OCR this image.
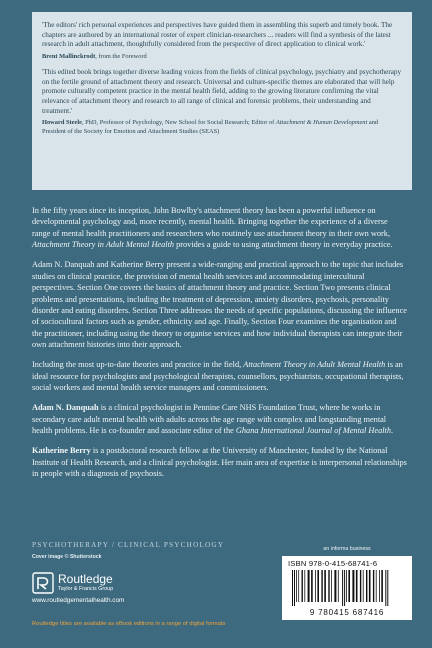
'The editors' rich personal experiences and perspectives have guided them in assembling this superb and timely book. The chapters are authored by an international roster of expert clinician-researchers ... readers will find a synthesis of the latest research in adult attachment, thoughtfully considered from the perspective of direct application to clinical work.'

Brent Mallinckrodt, from the Foreword

'This edited book brings together diverse leading voices from the fields of clinical psychology, psychiatry and psychotherapy on the fertile ground of attachment theory and research. Universal and culture-specific themes are elaborated that will help promote culturally competent practice in the mental health field, adding to the growing literature confirming the vital relevance of attachment theory and research to all range of clinical and forensic problems, their understanding and treatment.'

Howard Steele, PhD, Professor of Psychology, New School for Social Research; Editor of Attachment & Human Development and President of the Society for Emotion and Attachment Studies (SEAS)

In the fifty years since its inception, John Bowlby's attachment theory has been a powerful influence on developmental psychology and, more recently, mental health. Bringing together the experience of a diverse range of mental health practitioners and researchers who routinely use attachment theory in their own work, Attachment Theory in Adult Mental Health provides a guide to using attachment theory in everyday practice.

Adam N. Danquah and Katherine Berry present a wide-ranging and practical approach to the topic that includes studies on clinical practice, the provision of mental health services and accommodating intercultural perspectives. Section One covers the basics of attachment theory and practice. Section Two presents clinical problems and presentations, including the treatment of depression, anxiety disorders, psychosis, personality disorder and eating disorders. Section Three addresses the needs of specific populations, discussing the influence of sociocultural factors such as gender, ethnicity and age. Finally, Section Four examines the organisation and the practitioner, including using the theory to organise services and how individual therapists can integrate their own attachment histories into their approach.

Including the most up-to-date theories and practice in the field, Attachment Theory in Adult Mental Health is an ideal resource for psychologists and psychological therapists, counsellors, psychiatrists, occupational therapists, social workers and mental health service managers and commissioners.

Adam N. Danquah is a clinical psychologist in Pennine Care NHS Foundation Trust, where he works in secondary care adult mental health with adults across the age range with complex and longstanding mental health problems. He is co-founder and associate editor of the Ghana International Journal of Mental Health.

Katherine Berry is a postdoctoral research fellow at the University of Manchester, funded by the National Institute of Health Research, and a clinical psychologist. Her main area of expertise is interpersonal relationships in people with a diagnosis of psychosis.

PSYCHOTHERAPY / CLINICAL PSYCHOLOGY
Cover image © Shutterstock
Routledge
Taylor & Francis Group
www.routledgementalhealth.com
Routledge titles are available as eBook editions in a range of digital formats
an informa business
ISBN 978-0-415-68741-6
9 780415 687416
